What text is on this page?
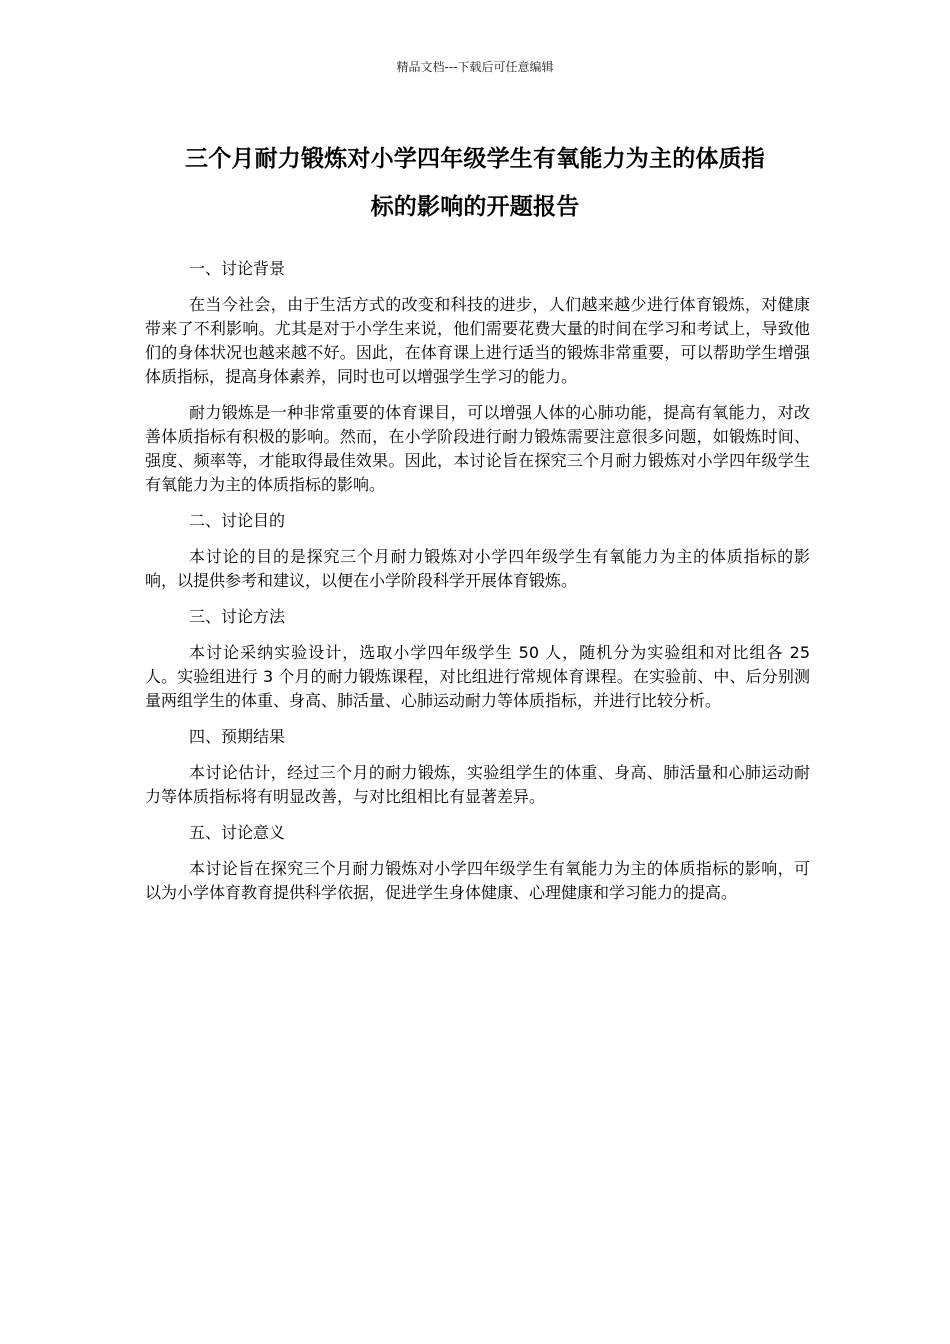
精品文档---下载后可任意编辑

三个月耐力锻炼对小学四年级学生有氧能力为主的体质指
标的影响的开题报告

一、讨论背景

在当今社会，由于生活方式的改变和科技的进步，人们越来越少进行体育锻炼，对健康带来了不利影响。尤其是对于小学生来说，他们需要花费大量的时间在学习和考试上，导致他们的身体状况也越来越不好。因此，在体育课上进行适当的锻炼非常重要，可以帮助学生增强体质指标，提高身体素养，同时也可以增强学生学习的能力。

耐力锻炼是一种非常重要的体育课目，可以增强人体的心肺功能，提高有氧能力，对改善体质指标有积极的影响。然而，在小学阶段进行耐力锻炼需要注意很多问题，如锻炼时间、强度、频率等，才能取得最佳效果。因此，本讨论旨在探究三个月耐力锻炼对小学四年级学生有氧能力为主的体质指标的影响。

二、讨论目的

本讨论的目的是探究三个月耐力锻炼对小学四年级学生有氧能力为主的体质指标的影响，以提供参考和建议，以便在小学阶段科学开展体育锻炼。

三、讨论方法

本讨论采纳实验设计，选取小学四年级学生 50 人，随机分为实验组和对比组各 25 人。实验组进行 3 个月的耐力锻炼课程，对比组进行常规体育课程。在实验前、中、后分别测量两组学生的体重、身高、肺活量、心肺运动耐力等体质指标，并进行比较分析。

四、预期结果

本讨论估计，经过三个月的耐力锻炼，实验组学生的体重、身高、肺活量和心肺运动耐力等体质指标将有明显改善，与对比组相比有显著差异。

五、讨论意义

本讨论旨在探究三个月耐力锻炼对小学四年级学生有氧能力为主的体质指标的影响，可以为小学体育教育提供科学依据，促进学生身体健康、心理健康和学习能力的提高。
